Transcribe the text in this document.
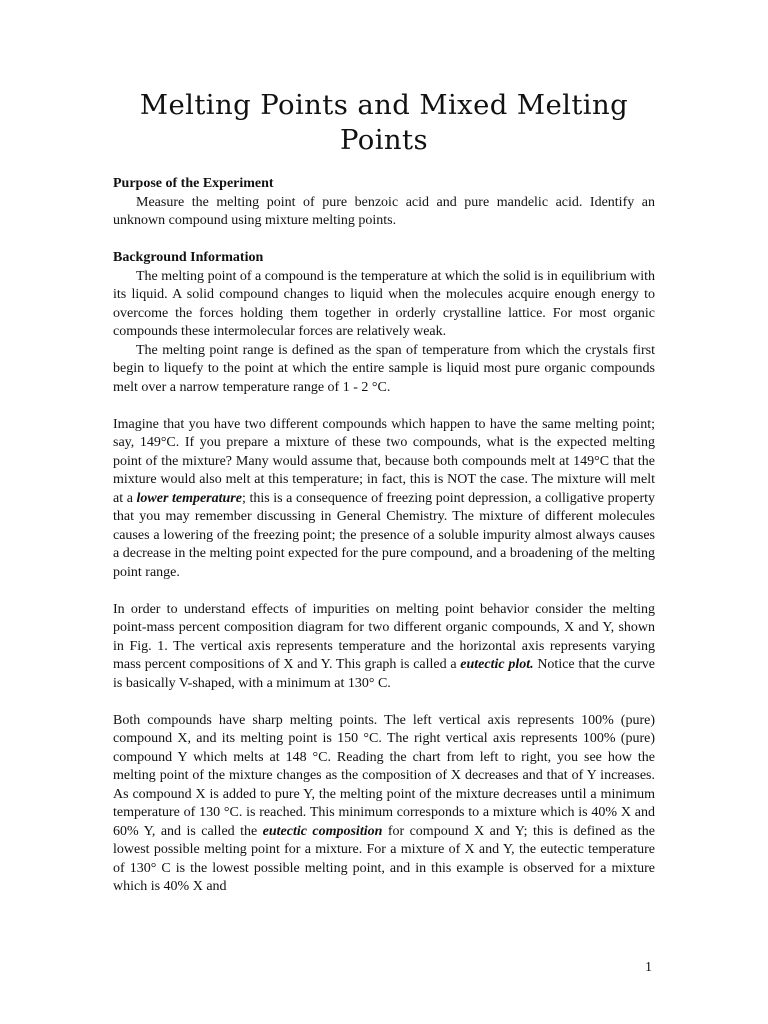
Melting Points and Mixed Melting
Points
Purpose of the Experiment

Measure the melting point of pure benzoic acid and pure mandelic acid. Identify an unknown compound using mixture melting points.

Background Information

The melting point of a compound is the temperature at which the solid is in equilibrium with its liquid. A solid compound changes to liquid when the molecules acquire enough energy to overcome the forces holding them together in orderly crystalline lattice. For most organic compounds these intermolecular forces are relatively weak.

The melting point range is defined as the span of temperature from which the crystals first begin to liquefy to the point at which the entire sample is liquid most pure organic compounds melt over a narrow temperature range of 1 - 2 °C.

Imagine that you have two different compounds which happen to have the same melting point; say, 149°C. If you prepare a mixture of these two compounds, what is the expected melting point of the mixture? Many would assume that, because both compounds melt at 149°C that the mixture would also melt at this temperature; in fact, this is NOT the case. The mixture will melt at a lower temperature; this is a consequence of freezing point depression, a colligative property that you may remember discussing in General Chemistry. The mixture of different molecules causes a lowering of the freezing point; the presence of a soluble impurity almost always causes a decrease in the melting point expected for the pure compound, and a broadening of the melting point range.

In order to understand effects of impurities on melting point behavior consider the melting point-mass percent composition diagram for two different organic compounds, X and Y, shown in Fig. 1. The vertical axis represents temperature and the horizontal axis represents varying mass percent compositions of X and Y. This graph is called a eutectic plot. Notice that the curve is basically V-shaped, with a minimum at 130° C.

Both compounds have sharp melting points. The left vertical axis represents 100% (pure) compound X, and its melting point is 150 °C. The right vertical axis represents 100% (pure) compound Y which melts at 148 °C. Reading the chart from left to right, you see how the melting point of the mixture changes as the composition of X decreases and that of Y increases. As compound X is added to pure Y, the melting point of the mixture decreases until a minimum temperature of 130 °C. is reached. This minimum corresponds to a mixture which is 40% X and 60% Y, and is called the eutectic composition for compound X and Y; this is defined as the lowest possible melting point for a mixture. For a mixture of X and Y, the eutectic temperature of 130° C is the lowest possible melting point, and in this example is observed for a mixture which is 40% X and

1
